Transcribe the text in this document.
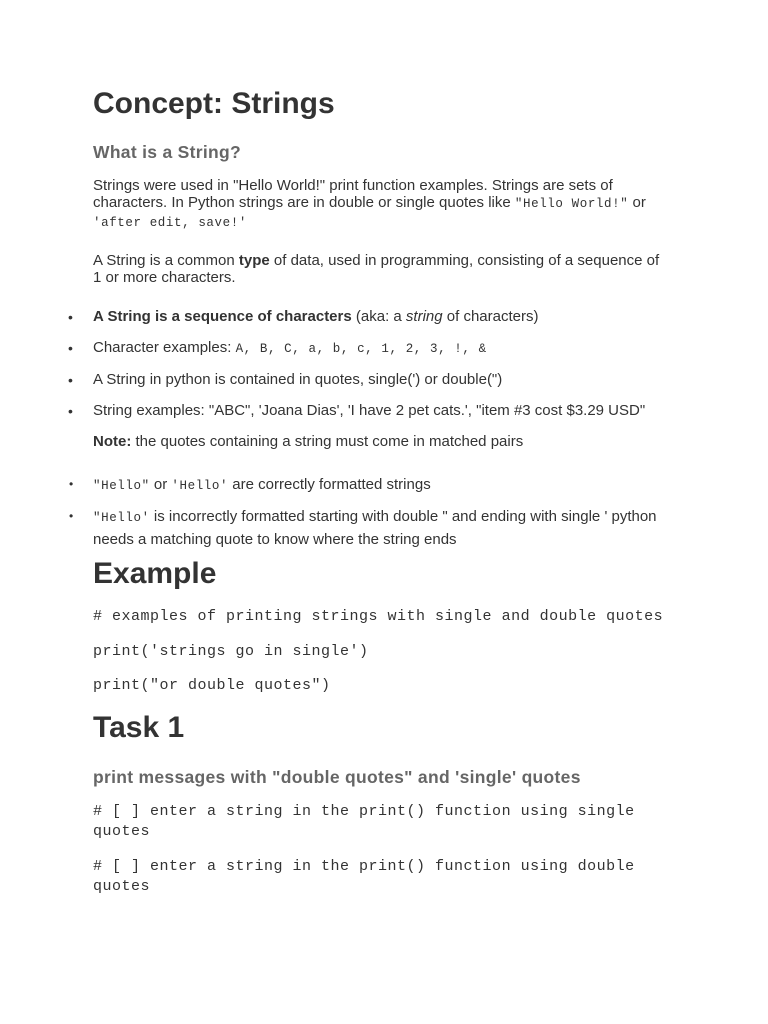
Concept: Strings
What is a String?

Strings were used in "Hello World!" print function examples. Strings are sets of characters. In Python strings are in double or single quotes like "Hello World!" or 'after edit, save!'

A String is a common type of data, used in programming, consisting of a sequence of 1 or more characters.

• A String is a sequence of characters (aka: a string of characters)
• Character examples: A, B, C, a, b, c, 1, 2, 3, !, &
• A String in python is contained in quotes, single(') or double(")
• String examples: "ABC", 'Joana Dias', 'I have 2 pet cats.', "item #3 cost $3.29 USD"

Note: the quotes containing a string must come in matched pairs

• "Hello" or 'Hello' are correctly formatted strings
• "Hello' is incorrectly formatted starting with double " and ending with single ' python needs a matching quote to know where the string ends
Example

# examples of printing strings with single and double quotes

print('strings go in single')

print("or double quotes")

Task 1
print messages with "double quotes" and 'single' quotes

# [ ] enter a string in the print() function using single quotes

# [ ] enter a string in the print() function using double quotes
